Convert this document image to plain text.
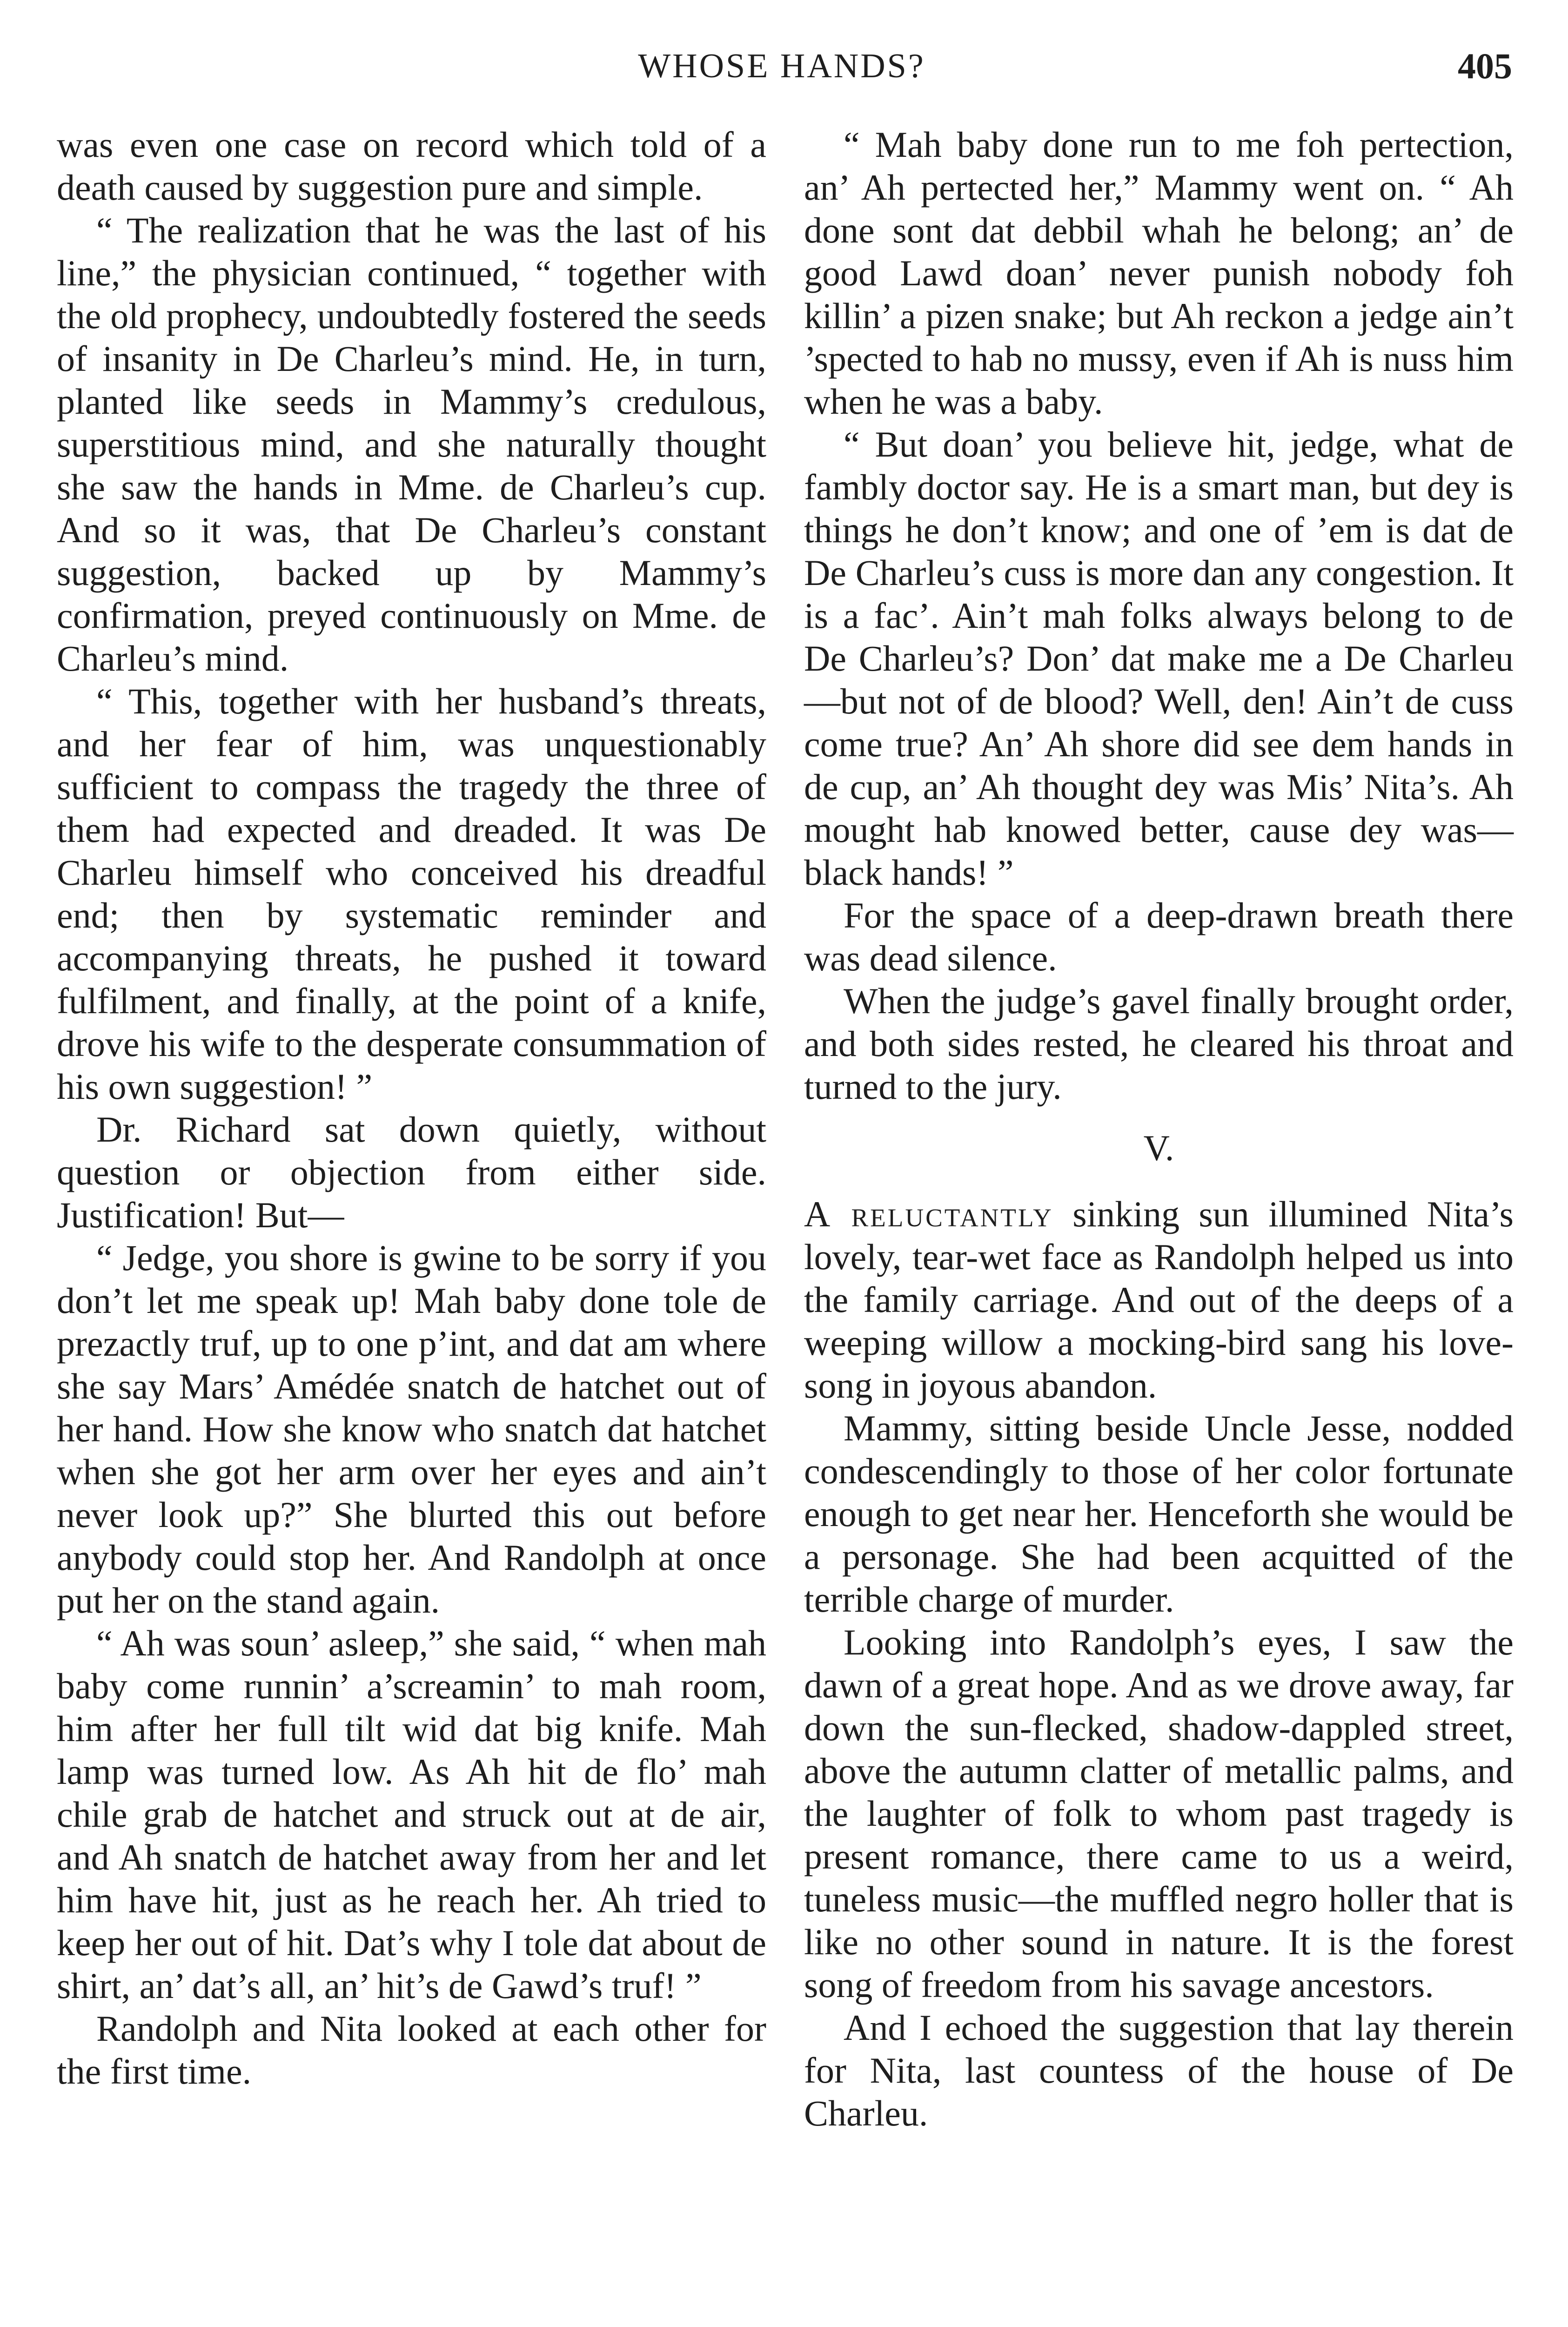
WHOSE HANDS?	405

was even one case on record which told of a death caused by suggestion pure and simple.

“ The realization that he was the last of his line,” the physician continued, “ together with the old prophecy, undoubtedly fostered the seeds of insanity in De Charleu’s mind. He, in turn, planted like seeds in Mammy’s credulous, superstitious mind, and she naturally thought she saw the hands in Mme. de Charleu’s cup. And so it was, that De Charleu’s constant suggestion, backed up by Mammy’s confirmation, preyed continuously on Mme. de Charleu’s mind.

“ This, together with her husband’s threats, and her fear of him, was unquestionably sufficient to compass the tragedy the three of them had expected and dreaded. It was De Charleu himself who conceived his dreadful end; then by systematic reminder and accompanying threats, he pushed it toward fulfilment, and finally, at the point of a knife, drove his wife to the desperate consummation of his own suggestion! ”

Dr. Richard sat down quietly, without question or objection from either side. Justification! But—

“ Jedge, you shore is gwine to be sorry if you don’t let me speak up! Mah baby done tole de prezactly truf, up to one p’int, and dat am where she say Mars’ Amédée snatch de hatchet out of her hand. How she know who snatch dat hatchet when she got her arm over her eyes and ain’t never look up?” She blurted this out before anybody could stop her. And Randolph at once put her on the stand again.

“ Ah was soun’ asleep,” she said, “ when mah baby come runnin’ a’screamin’ to mah room, him after her full tilt wid dat big knife. Mah lamp was turned low. As Ah hit de flo’ mah chile grab de hatchet and struck out at de air, and Ah snatch de hatchet away from her and let him have hit, just as he reach her. Ah tried to keep her out of hit. Dat’s why I tole dat about de shirt, an’ dat’s all, an’ hit’s de Gawd’s truf! ”

Randolph and Nita looked at each other for the first time.

“ Mah baby done run to me foh pertection, an’ Ah pertected her,” Mammy went on. “ Ah done sont dat debbil whah he belong; an’ de good Lawd doan’ never punish nobody foh killin’ a pizen snake; but Ah reckon a jedge ain’t ’spected to hab no mussy, even if Ah is nuss him when he was a baby.

“ But doan’ you believe hit, jedge, what de fambly doctor say. He is a smart man, but dey is things he don’t know; and one of ’em is dat de De Charleu’s cuss is more dan any congestion. It is a fac’. Ain’t mah folks always belong to de De Charleu’s? Don’ dat make me a De Charleu—but not of de blood? Well, den! Ain’t de cuss come true? An’ Ah shore did see dem hands in de cup, an’ Ah thought dey was Mis’ Nita’s. Ah mought hab knowed better, cause dey was—black hands! ”

For the space of a deep-drawn breath there was dead silence.

When the judge’s gavel finally brought order, and both sides rested, he cleared his throat and turned to the jury.

V.

A reluctantly sinking sun illumined Nita’s lovely, tear-wet face as Randolph helped us into the family carriage. And out of the deeps of a weeping willow a mocking-bird sang his love-song in joyous abandon.

Mammy, sitting beside Uncle Jesse, nodded condescendingly to those of her color fortunate enough to get near her. Henceforth she would be a personage. She had been acquitted of the terrible charge of murder.

Looking into Randolph’s eyes, I saw the dawn of a great hope. And as we drove away, far down the sun-flecked, shadow-dappled street, above the autumn clatter of metallic palms, and the laughter of folk to whom past tragedy is present romance, there came to us a weird, tuneless music—the muffled negro holler that is like no other sound in nature. It is the forest song of freedom from his savage ancestors.

And I echoed the suggestion that lay therein for Nita, last countess of the house of De Charleu.
